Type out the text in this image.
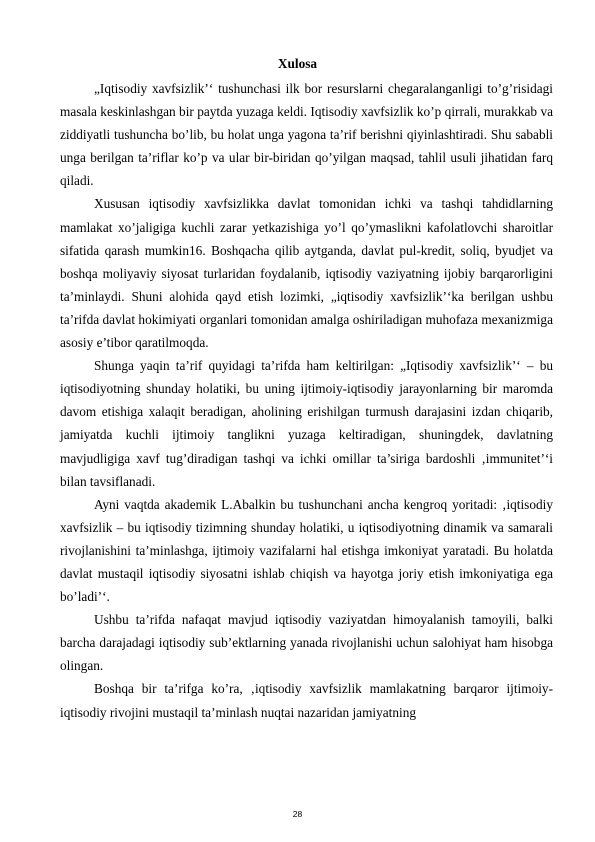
Xulosa

„Iqtisodiy xavfsizlik’‘ tushunchasi ilk bor resurslarni chegaralanganligi to’g’risidagi masala keskinlashgan bir paytda yuzaga keldi. Iqtisodiy xavfsizlik ko’p qirrali, murakkab va ziddiyatli tushuncha bo’lib, bu holat unga yagona ta’rif berishni qiyinlashtiradi. Shu sababli unga berilgan ta’riflar ko’p va ular bir-biridan qo’yilgan maqsad, tahlil usuli jihatidan farq qiladi.

Xususan iqtisodiy xavfsizlikka davlat tomonidan ichki va tashqi tahdidlarning mamlakat xo’jaligiga kuchli zarar yetkazishiga yo’l qo’ymaslikni kafolatlovchi sharoitlar sifatida qarash mumkin16. Boshqacha qilib aytganda, davlat pul-kredit, soliq, byudjet va boshqa moliyaviy siyosat turlaridan foydalanib, iqtisodiy vaziyatning ijobiy barqarorligini ta’minlaydi. Shuni alohida qayd etish lozimki, „iqtisodiy xavfsizlik’‘ka berilgan ushbu ta’rifda davlat hokimiyati organlari tomonidan amalga oshiriladigan muhofaza mexanizmiga asosiy e’tibor qaratilmoqda.

Shunga yaqin ta’rif quyidagi ta’rifda ham keltirilgan: „Iqtisodiy xavfsizlik’‘ – bu iqtisodiyotning shunday holatiki, bu uning ijtimoiy-iqtisodiy jarayonlarning bir maromda davom etishiga xalaqit beradigan, aholining erishilgan turmush darajasini izdan chiqarib, jamiyatda kuchli ijtimoiy tanglikni yuzaga keltiradigan, shuningdek, davlatning mavjudligiga xavf tug’diradigan tashqi va ichki omillar ta’siriga bardoshli ‚immunitet’‘i bilan tavsiflanadi.

Ayni vaqtda akademik L.Abalkin bu tushunchani ancha kengroq yoritadi: ‚iqtisodiy xavfsizlik – bu iqtisodiy tizimning shunday holatiki, u iqtisodiyotning dinamik va samarali rivojlanishini ta’minlashga, ijtimoiy vazifalarni hal etishga imkoniyat yaratadi. Bu holatda davlat mustaqil iqtisodiy siyosatni ishlab chiqish va hayotga joriy etish imkoniyatiga ega bo’ladi’‘.

Ushbu ta’rifda nafaqat mavjud iqtisodiy vaziyatdan himoyalanish tamoyili, balki barcha darajadagi iqtisodiy sub’ektlarning yanada rivojlanishi uchun salohiyat ham hisobga olingan.

Boshqa bir ta’rifga ko’ra, ‚iqtisodiy xavfsizlik mamlakatning barqaror ijtimoiy-iqtisodiy rivojini mustaqil ta’minlash nuqtai nazaridan jamiyatning

28
